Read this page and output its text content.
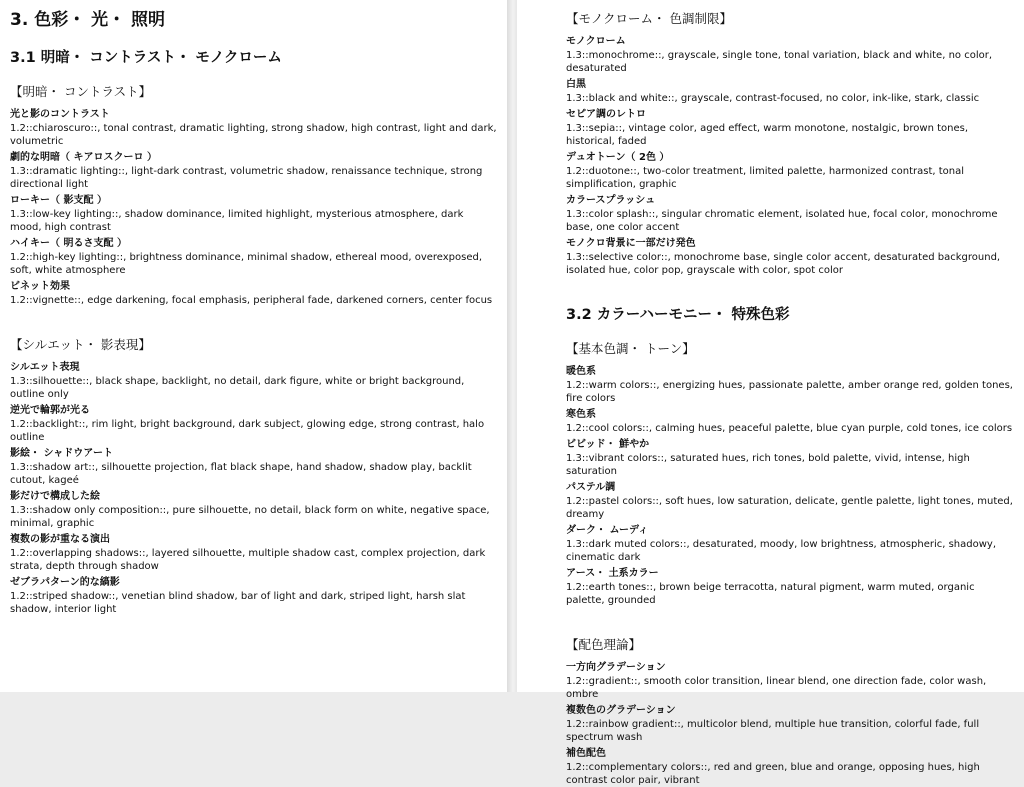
3. 色彩・ 光・ 照明
3.1 明暗・ コントラスト・ モノクローム
【明暗・ コントラスト】

光と影のコントラスト

1.2::chiaroscuro::, tonal contrast, dramatic lighting, strong shadow, high contrast, light and dark, volumetric

劇的な明暗（ キアロスクーロ ）

1.3::dramatic lighting::, light-dark contrast, volumetric shadow, renaissance technique, strong directional light

ローキー（ 影支配 ）

1.3::low-key lighting::, shadow dominance, limited highlight, mysterious atmosphere, dark mood, high contrast

ハイキー（ 明るさ支配 ）

1.2::high-key lighting::, brightness dominance, minimal shadow, ethereal mood, overexposed, soft, white atmosphere

ビネット効果

1.2::vignette::, edge darkening, focal emphasis, peripheral fade, darkened corners, center focus

【シルエット・ 影表現】

シルエット表現

1.3::silhouette::, black shape, backlight, no detail, dark figure, white or bright background, outline only

逆光で輪郭が光る

1.2::backlight::, rim light, bright background, dark subject, glowing edge, strong contrast, halo outline

影絵・ シャドウアート

1.3::shadow art::, silhouette projection, flat black shape, hand shadow, shadow play, backlit cutout, kageé

影だけで構成した絵

1.3::shadow only composition::, pure silhouette, no detail, black form on white, negative space, minimal, graphic

複数の影が重なる演出

1.2::overlapping shadows::, layered silhouette, multiple shadow cast, complex projection, dark strata, depth through shadow

ゼブラパターン的な縞影

1.2::striped shadow::, venetian blind shadow, bar of light and dark, striped light, harsh slat shadow, interior light

【モノクローム・ 色調制限】

モノクローム

1.3::monochrome::, grayscale, single tone, tonal variation, black and white, no color, desaturated

白黒

1.3::black and white::, grayscale, contrast-focused, no color, ink-like, stark, classic

セピア調のレトロ

1.3::sepia::, vintage color, aged effect, warm monotone, nostalgic, brown tones, historical, faded

デュオトーン（ 2色 ）

1.2::duotone::, two-color treatment, limited palette, harmonized contrast, tonal simplification, graphic

カラースプラッシュ

1.3::color splash::, singular chromatic element, isolated hue, focal color, monochrome base, one color accent

モノクロ背景に一部だけ発色

1.3::selective color::, monochrome base, single color accent, desaturated background, isolated hue, color pop, grayscale with color, spot color

3.2 カラーハーモニー・ 特殊色彩
【基本色調・ トーン】

暖色系

1.2::warm colors::, energizing hues, passionate palette, amber orange red, golden tones, fire colors

寒色系

1.2::cool colors::, calming hues, peaceful palette, blue cyan purple, cold tones, ice colors

ビビッド・ 鮮やか

1.3::vibrant colors::, saturated hues, rich tones, bold palette, vivid, intense, high saturation

パステル調

1.2::pastel colors::, soft hues, low saturation, delicate, gentle palette, light tones, muted, dreamy

ダーク・ ムーディ

1.3::dark muted colors::, desaturated, moody, low brightness, atmospheric, shadowy, cinematic dark

アース・ 土系カラー

1.2::earth tones::, brown beige terracotta, natural pigment, warm muted, organic palette, grounded

【配色理論】

一方向グラデーション

1.2::gradient::, smooth color transition, linear blend, one direction fade, color wash, ombre

複数色のグラデーション

1.2::rainbow gradient::, multicolor blend, multiple hue transition, colorful fade, full spectrum wash

補色配色

1.2::complementary colors::, red and green, blue and orange, opposing hues, high contrast color pair, vibrant
